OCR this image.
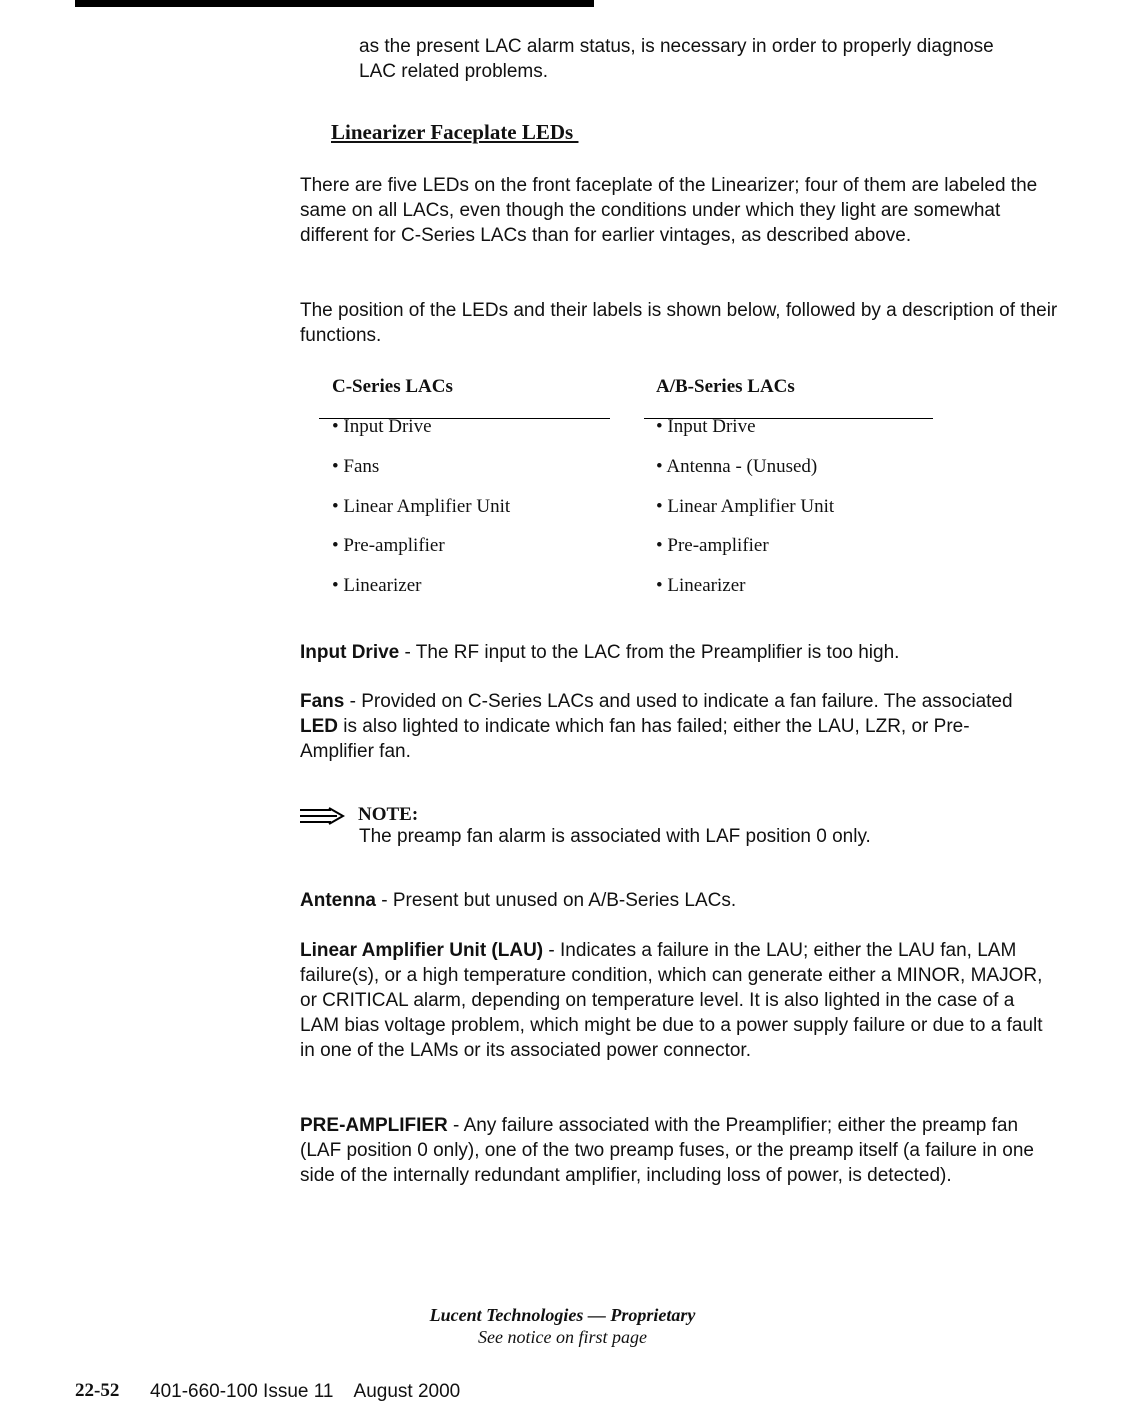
as the present LAC alarm status, is necessary in order to properly diagnose

LAC related problems.

Linearizer Faceplate LEDs

There are five LEDs on the front faceplate of the Linearizer; four of them are labeled the same on all LACs, even though the conditions under which they light are somewhat different for C-Series LACs than for earlier vintages, as described above.

The position of the LEDs and their labels is shown below, followed by a description of their functions.

C-Series LACs	A/B-Series LACs
• Input Drive
• Fans
• Linear Amplifier Unit
• Pre-amplifier
• Linearizer
• Input Drive
• Antenna - (Unused)
• Linear Amplifier Unit
• Pre-amplifier
• Linearizer

Input Drive - The RF input to the LAC from the Preamplifier is too high.

Fans - Provided on C-Series LACs and used to indicate a fan failure. The associated LED is also lighted to indicate which fan has failed; either the LAU, LZR, or Pre-Amplifier fan.

NOTE:
The preamp fan alarm is associated with LAF position 0 only.

Antenna - Present but unused on A/B-Series LACs.

Linear Amplifier Unit (LAU) - Indicates a failure in the LAU; either the LAU fan, LAM failure(s), or a high temperature condition, which can generate either a MINOR, MAJOR, or CRITICAL alarm, depending on temperature level. It is also lighted in the case of a LAM bias voltage problem, which might be due to a power supply failure or due to a fault in one of the LAMs or its associated power connector.

PRE-AMPLIFIER - Any failure associated with the Preamplifier; either the preamp fan (LAF position 0 only), one of the two preamp fuses, or the preamp itself (a failure in one side of the internally redundant amplifier, including loss of power, is detected).

Lucent Technologies — Proprietary
See notice on first page
22-52 401-660-100 Issue 11    August 2000
